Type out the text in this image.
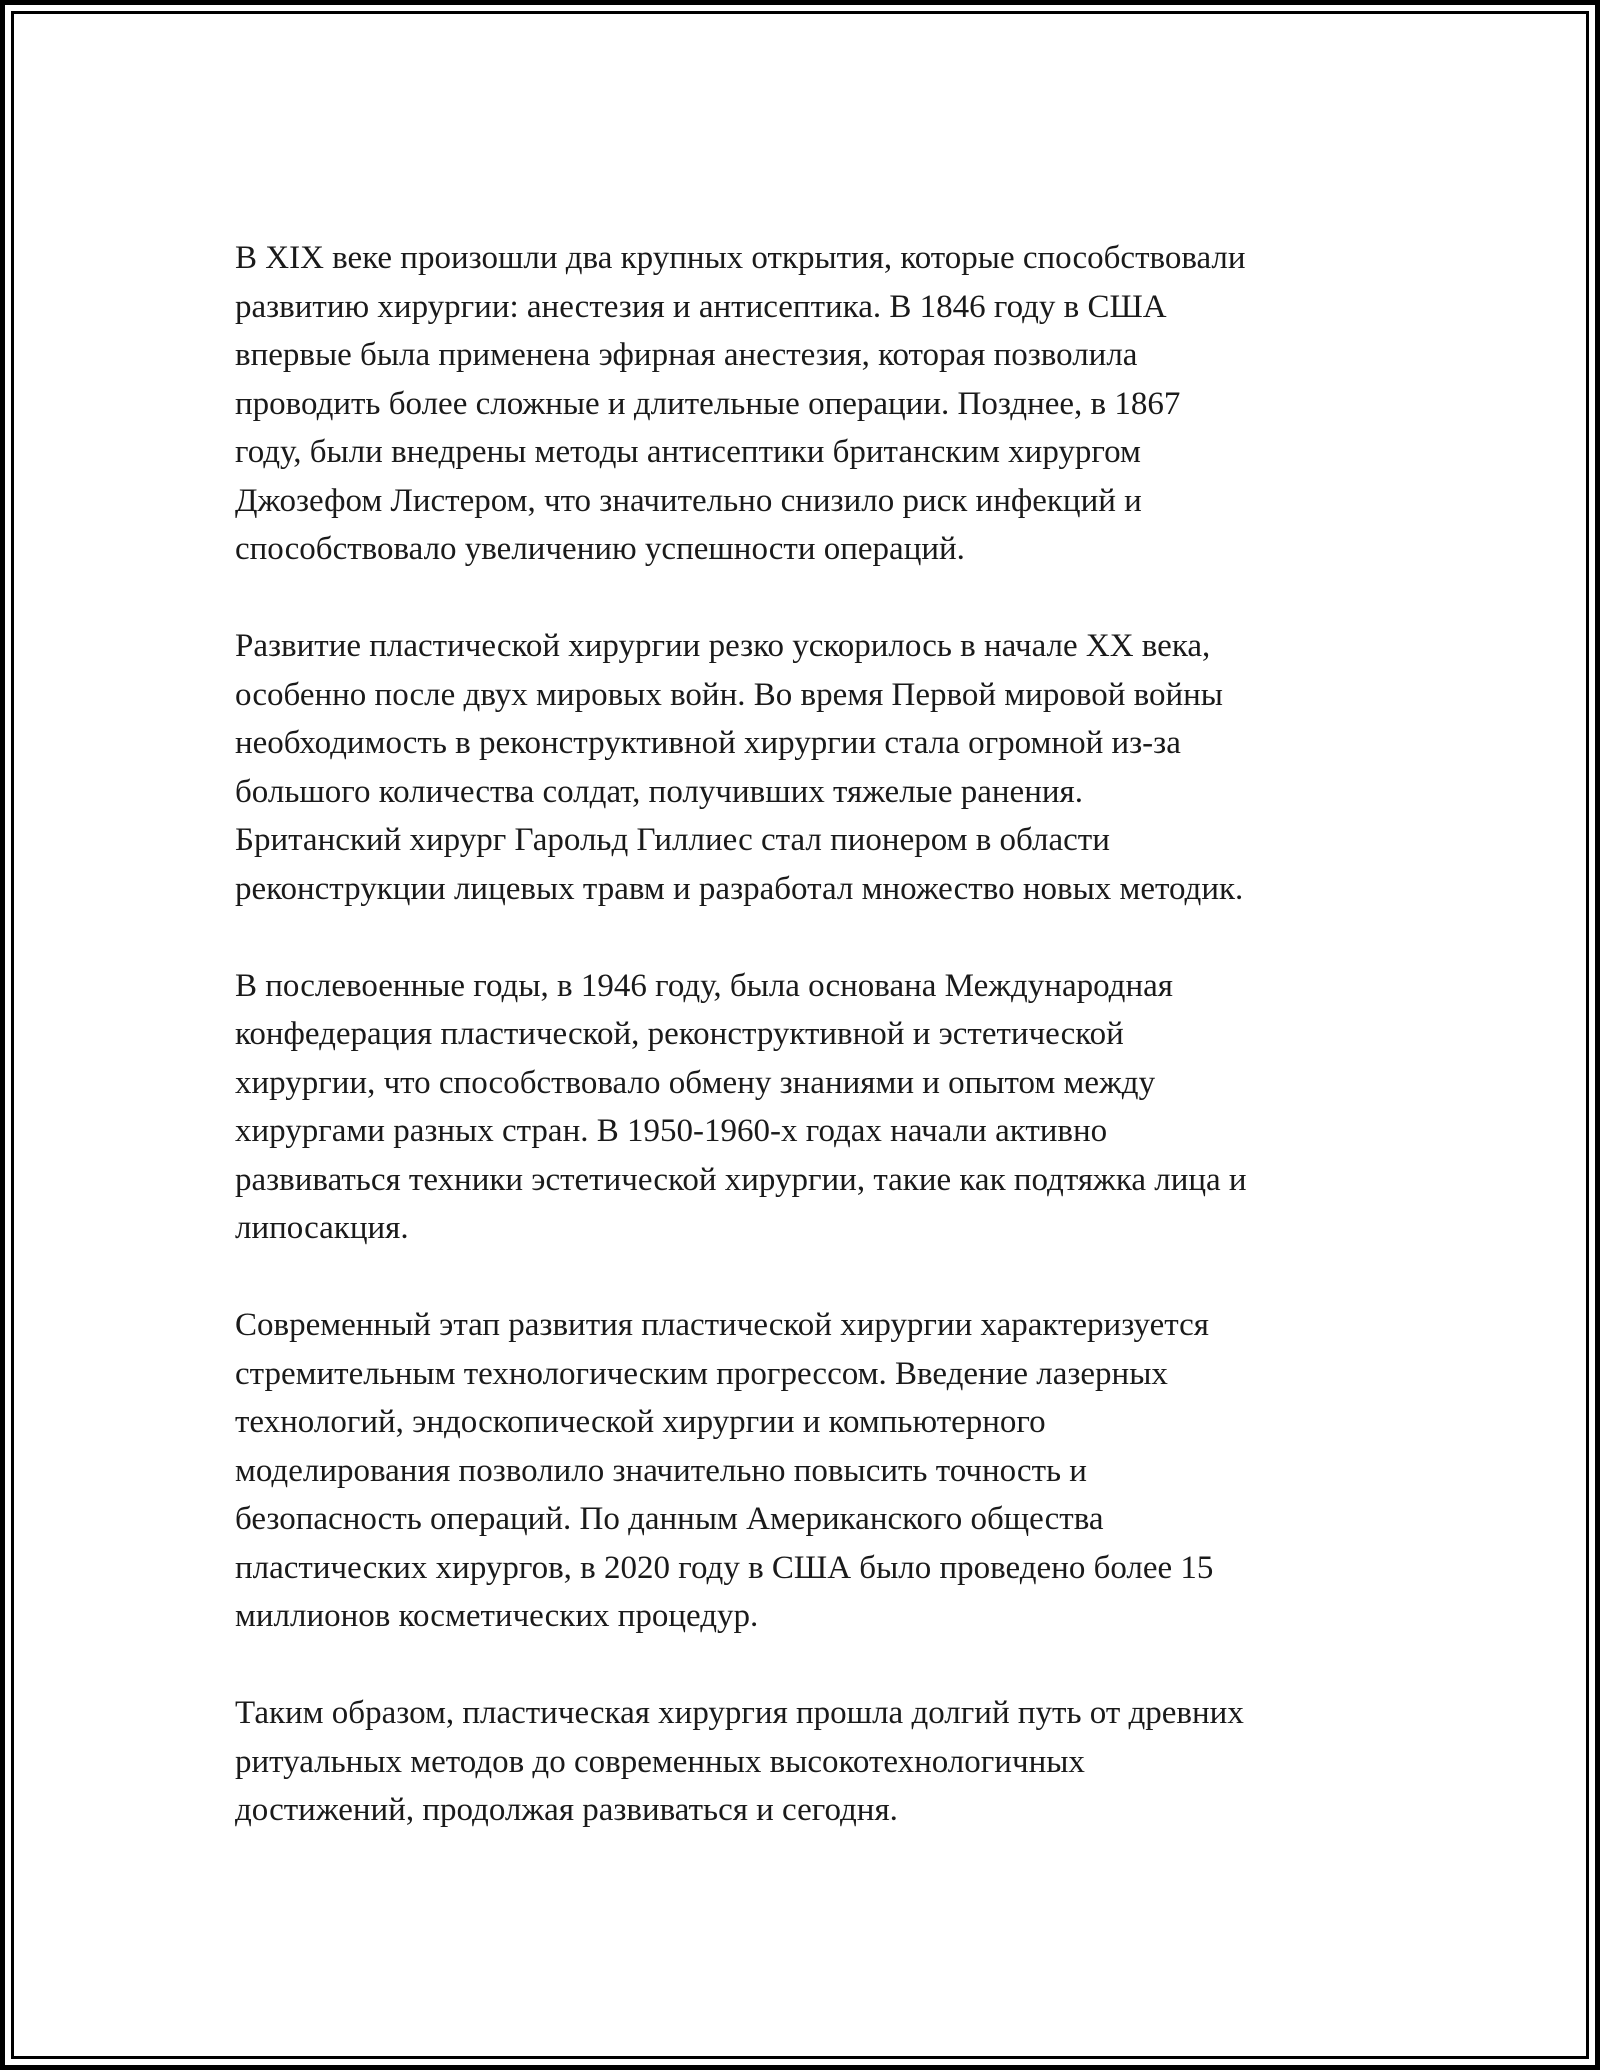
В XIX веке произошли два крупных открытия, которые способствовали
развитию хирургии: анестезия и антисептика. В 1846 году в США
впервые была применена эфирная анестезия, которая позволила
проводить более сложные и длительные операции. Позднее, в 1867
году, были внедрены методы антисептики британским хирургом
Джозефом Листером, что значительно снизило риск инфекций и
способствовало увеличению успешности операций.

Развитие пластической хирургии резко ускорилось в начале XX века,
особенно после двух мировых войн. Во время Первой мировой войны
необходимость в реконструктивной хирургии стала огромной из-за
большого количества солдат, получивших тяжелые ранения.
Британский хирург Гарольд Гиллиес стал пионером в области
реконструкции лицевых травм и разработал множество новых методик.

В послевоенные годы, в 1946 году, была основана Международная
конфедерация пластической, реконструктивной и эстетической
хирургии, что способствовало обмену знаниями и опытом между
хирургами разных стран. В 1950-1960-х годах начали активно
развиваться техники эстетической хирургии, такие как подтяжка лица и
липосакция.

Современный этап развития пластической хирургии характеризуется
стремительным технологическим прогрессом. Введение лазерных
технологий, эндоскопической хирургии и компьютерного
моделирования позволило значительно повысить точность и
безопасность операций. По данным Американского общества
пластических хирургов, в 2020 году в США было проведено более 15
миллионов косметических процедур.

Таким образом, пластическая хирургия прошла долгий путь от древних
ритуальных методов до современных высокотехнологичных
достижений, продолжая развиваться и сегодня.
